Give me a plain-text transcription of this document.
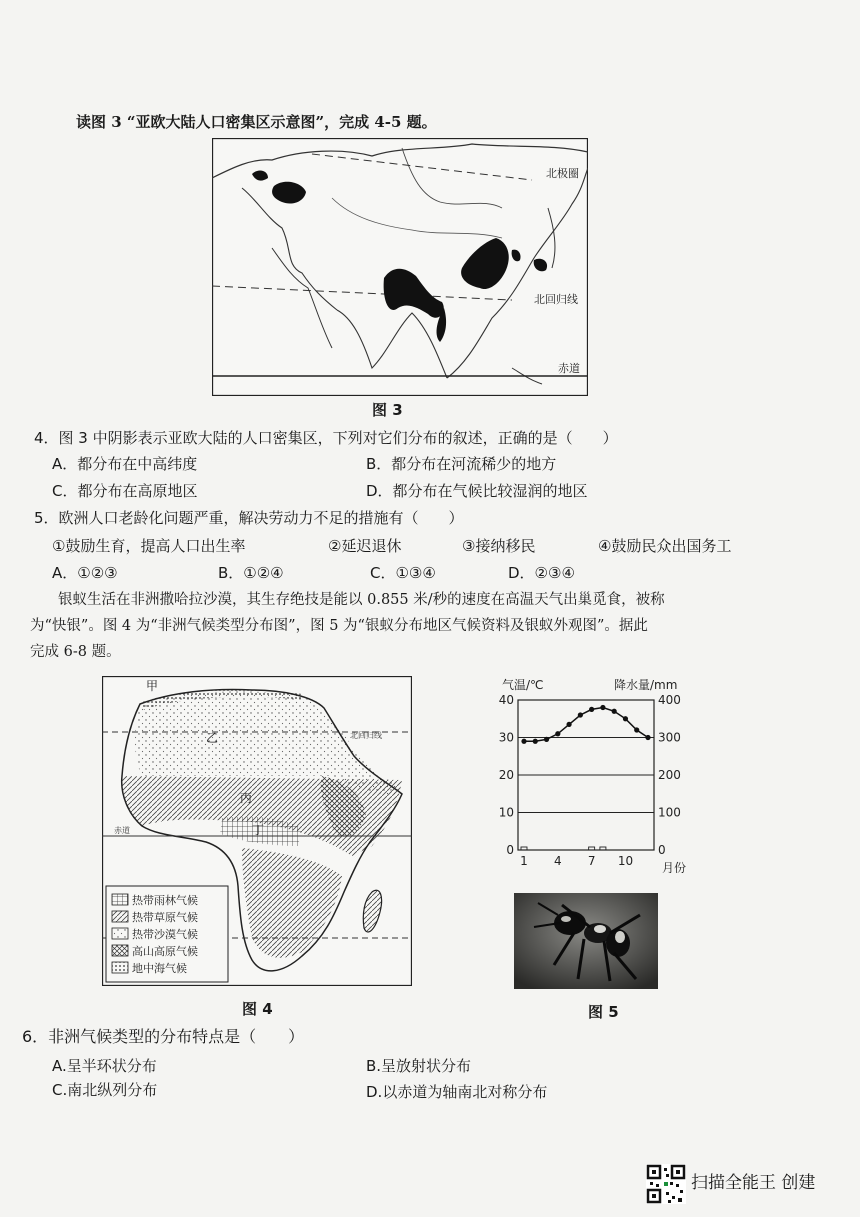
读图 3 “亚欧大陆人口密集区示意图”，完成 4-5 题。
北极圈
北回归线
赤道
图 3
4．图 3 中阴影表示亚欧大陆的人口密集区，下列对它们分布的叙述，正确的是（　　）
A．都分布在中高纬度	B．都分布在河流稀少的地方
C．都分布在高原地区	D．都分布在气候比较湿润的地区
5．欧洲人口老龄化问题严重，解决劳动力不足的措施有（　　）
①鼓励生育，提高人口出生率	②延迟退休	③接纳移民	④鼓励民众出国务工
A．①②③	B．①②④	C．①③④	D．②③④
银蚁生活在非洲撒哈拉沙漠，其生存绝技是能以 0.855 米/秒的速度在高温天气出巢觅食，被称
为“快银”。图 4 为“非洲气候类型分布图”，图 5 为“银蚁分布地区气候资料及银蚁外观图”。据此
完成 6-8 题。
甲
乙
丙
丁
北回归线
赤道
热带雨林气候
热带草原气候
热带沙漠气候
高山高原气候
地中海气候
图 4
气温/℃	降水量/mm
0
10
20
30
40
0
100
200
300
400
1 4 7 10 月份
图 5
6．非洲气候类型的分布特点是（　　）
A.呈半环状分布	B.呈放射状分布
C.南北纵列分布	D.以赤道为轴南北对称分布
扫描全能王 创建
